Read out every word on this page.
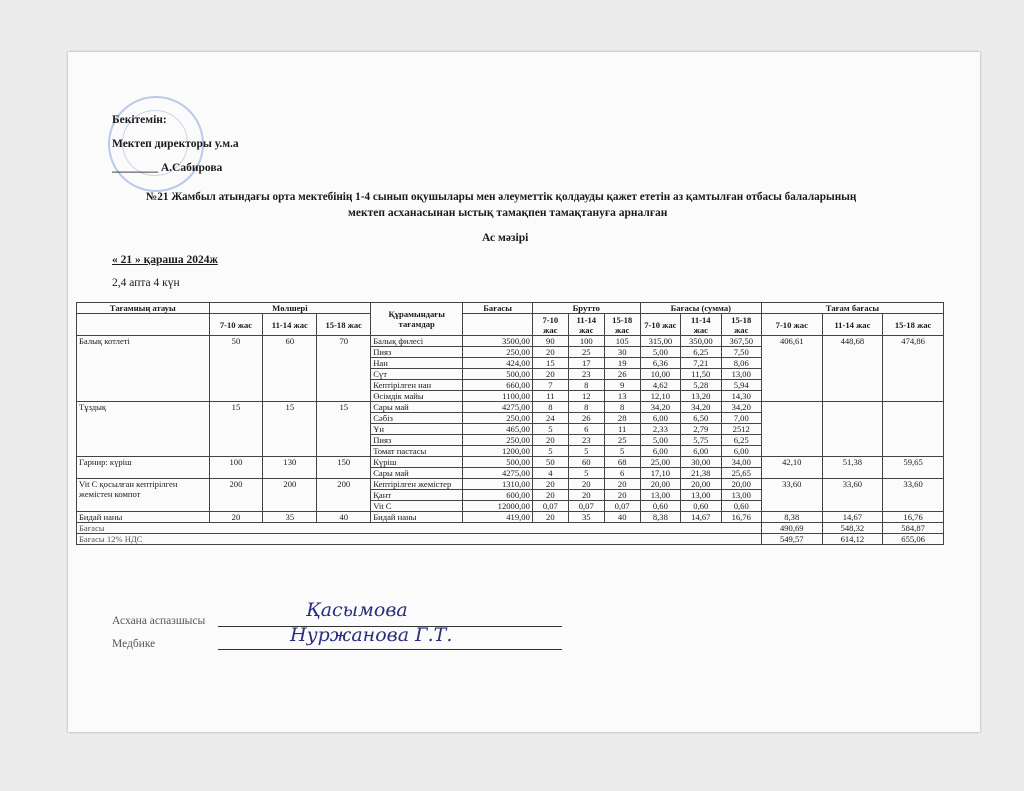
Бекітемін:
Мектеп директоры у.м.а
________ А.Сабирова
№21 Жамбыл атындағы орта мектебінің 1-4 сынып оқушылары мен әлеуметтік қолдауды қажет ететін аз қамтылған отбасы балаларының
мектеп асханасынан ыстық тамақпен тамақтануға арналған
Ас мәзірі
« 21 » қараша 2024ж
2,4 апта 4 күн
Тағамның атауы	Мөлшері			Құрамындағы тағамдар	Бағасы	Брутто			Бағасы (сумма)			Тағам бағасы		
	7-10 жас	11-14 жас	15-18 жас			7-10 жас	11-14 жас	15-18 жас	7-10 жас	11-14 жас	15-18 жас	7-10 жас	11-14 жас	15-18 жас
Балық котлеті	50	60	70	Балық филесі	3500,00	90	100	105	315,00	350,00	367,50	406,61	448,68	474,86
				Пияз	250,00	20	25	30	5,00	6,25	7,50			
				Нан	424,00	15	17	19	6,36	7,21	8,06			
				Сүт	500,00	20	23	26	10,00	11,50	13,00			
				Кептірілген нан	660,00	7	8	9	4,62	5,28	5,94			
				Өсімдік майы	1100,00	11	12	13	12,10	13,20	14,30			
Тұздық	15	15	15	Сары май	4275,00	8	8	8	34,20	34,20	34,20			
				Сәбіз	250,00	24	26	28	6,00	6,50	7,00			
				Ұн	465,00	5	6	11	2,33	2,79	2512			
				Пияз	250,00	20	23	25	5,00	5,75	6,25			
				Томат пастасы	1200,00	5	5	5	6,00	6,00	6,00			
Гарнир: күріш	100	130	150	Күріш	500,00	50	60	68	25,00	30,00	34,00	42,10	51,38	59,65
				Сары май	4275,00	4	5	6	17,10	21,38	25,65			
Vit C қосылған кептірілген жемістен компот	200	200	200	Кептірілген жемістер	1310,00	20	20	20	20,00	20,00	20,00	33,60	33,60	33,60
				Қант	600,00	20	20	20	13,00	13,00	13,00			
				Vit C	12000,00	0,07	0,07	0,07	0,60	0,60	0,60			
Бидай наны	20	35	40	Бидай наны	419,00	20	35	40	8,38	14,67	16,76	8,38	14,67	16,76
Бағасы												490,69	548,32	584,87
Бағасы 12% НДС												549,57	614,12	655,06
Асхана аспазшысы	Қасымова
Медбике	Нуржанова Г.Т.
